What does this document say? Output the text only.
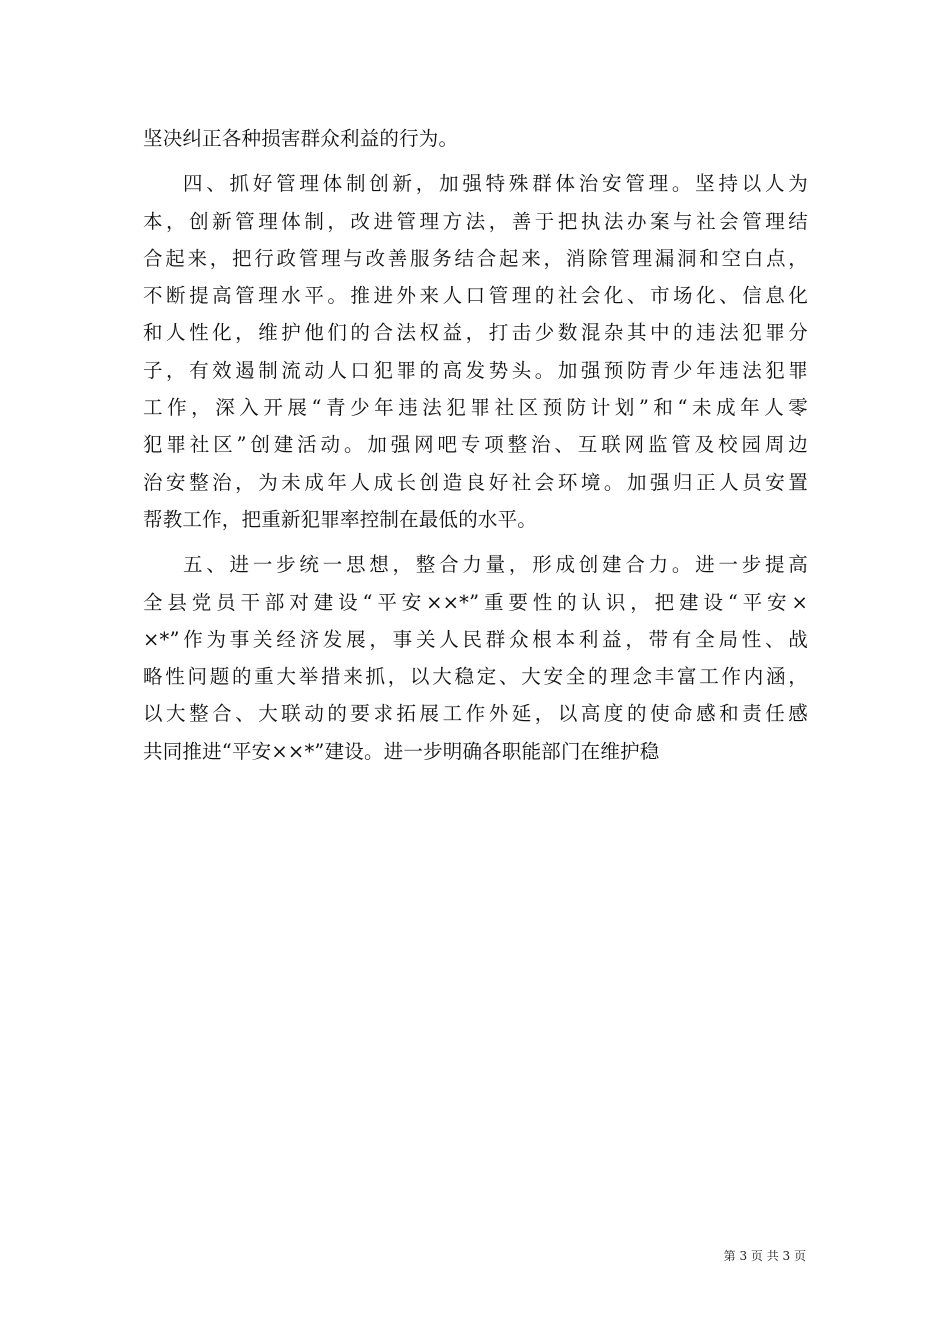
坚决纠正各种损害群众利益的行为。
四、抓好管理体制创新，加强特殊群体治安管理。坚持以人为
本，创新管理体制，改进管理方法，善于把执法办案与社会管理结
合起来，把行政管理与改善服务结合起来，消除管理漏洞和空白点，
不断提高管理水平。推进外来人口管理的社会化、市场化、信息化
和人性化，维护他们的合法权益，打击少数混杂其中的违法犯罪分
子，有效遏制流动人口犯罪的高发势头。加强预防青少年违法犯罪
工作，深入开展“青少年违法犯罪社区预防计划”和“未成年人零
犯罪社区”创建活动。加强网吧专项整治、互联网监管及校园周边
治安整治，为未成年人成长创造良好社会环境。加强归正人员安置
帮教工作，把重新犯罪率控制在最低的水平。
五、进一步统一思想，整合力量，形成创建合力。进一步提高
全县党员干部对建设“平安××*”重要性的认识，把建设“平安×
×*”作为事关经济发展，事关人民群众根本利益，带有全局性、战
略性问题的重大举措来抓，以大稳定、大安全的理念丰富工作内涵，
以大整合、大联动的要求拓展工作外延，以高度的使命感和责任感
共同推进“平安××*”建设。进一步明确各职能部门在维护稳
第 3 页 共 3 页
